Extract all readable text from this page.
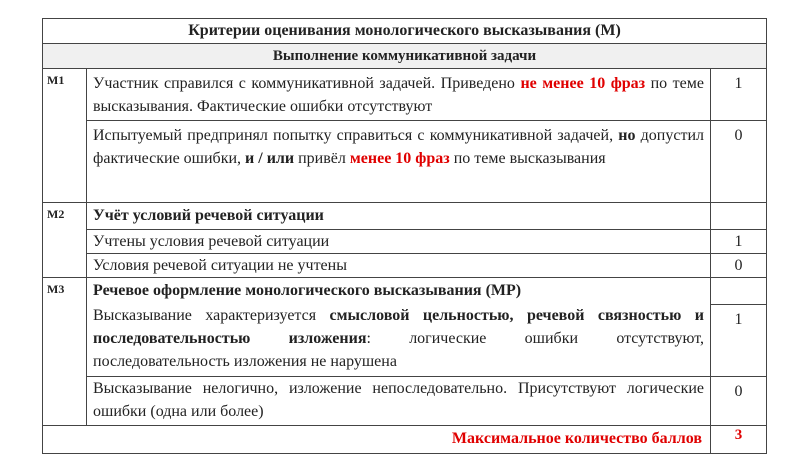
Критерии оценивания монологического высказывания (М)		
Выполнение коммуникативной задачи		
М1	Участник справился с коммуникативной задачей. Приведено не менее 10 фраз по теме высказывания. Фактические ошибки отсутствуют	1
	Испытуемый предпринял попытку справиться с коммуникативной задачей, но допустил фактические ошибки, и / или привёл менее 10 фраз по теме высказывания	0
М2	Учёт условий речевой ситуации	
	Учтены условия речевой ситуации	1
	Условия речевой ситуации не учтены	0
М3	Речевое оформление монологического высказывания (МР)	
	Высказывание характеризуется смысловой цельностью, речевой связностью и последовательностью изложения: логические ошибки отсутствуют, последовательность изложения не нарушена	1
	Высказывание нелогично, изложение непоследовательно. Присутствуют логические ошибки (одна или более)	0
Максимальное количество баллов		3
